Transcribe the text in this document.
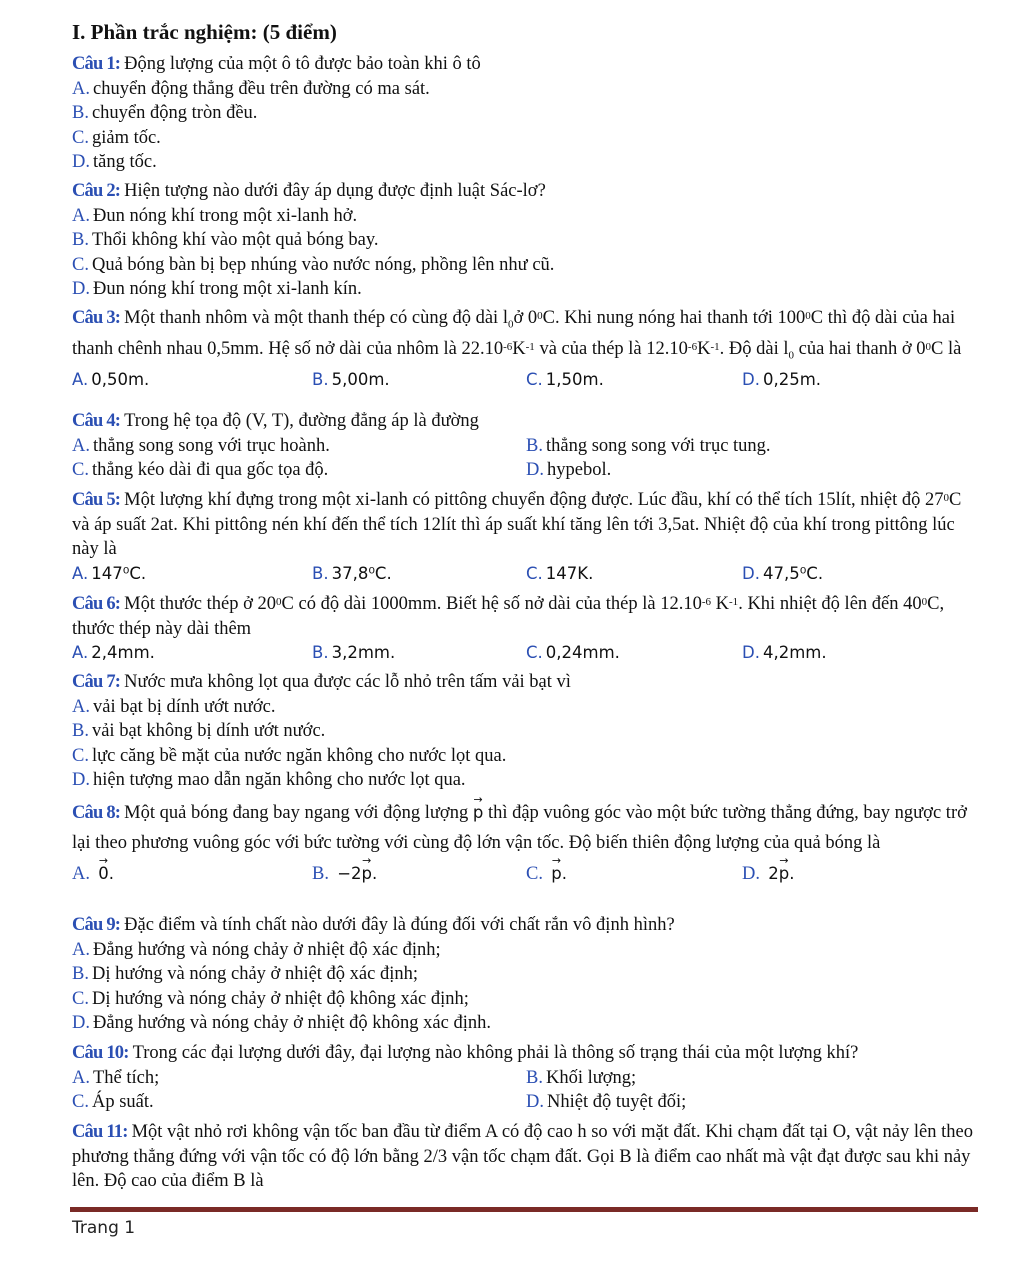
I. Phần trắc nghiệm: (5 điểm)
Câu 1: Động lượng của một ô tô được bảo toàn khi ô tô
A. chuyển động thẳng đều trên đường có ma sát.
B. chuyển động tròn đều.
C. giảm tốc.
D. tăng tốc.
Câu 2: Hiện tượng nào dưới đây áp dụng được định luật Sác-lơ?
A. Đun nóng khí trong một xi-lanh hở.
B. Thổi không khí vào một quả bóng bay.
C. Quả bóng bàn bị bẹp nhúng vào nước nóng, phồng lên như cũ.
D. Đun nóng khí trong một xi-lanh kín.
Câu 3: Một thanh nhôm và một thanh thép có cùng độ dài $l_0ở$ $0^0C$. Khi nung nóng hai thanh tới $100^0C$ thì độ dài của hai thanh chênh nhau 0,5mm. Hệ số nở dài của nhôm là $22.10^{-6}K^{-1}$ và của thép là $12.10^{-6}K^{-1}$. Độ dài $l_0$ của hai thanh ở $0^0C$ là
A. 0,50m.	B. 5,00m.	C. 1,50m.	D. 0,25m.
Câu 4: Trong hệ tọa độ (V, T), đường đẳng áp là đường
A. thẳng song song với trục hoành.	B. thẳng song song với trục tung.
C. thẳng kéo dài đi qua gốc tọa độ.	D. hypebol.
Câu 5: Một lượng khí đựng trong một xi-lanh có pittông chuyển động được. Lúc đầu, khí có thể tích 15lít, nhiệt độ $27^0C$ và áp suất 2at. Khi pittông nén khí đến thể tích 12lít thì áp suất khí tăng lên tới 3,5at. Nhiệt độ của khí trong pittông lúc này là
A. 147⁰C.	B. 37,8⁰C.	C. 147K.	D. 47,5⁰C.
Câu 6: Một thước thép ở $20^0C$ có độ dài 1000mm. Biết hệ số nở dài của thép là $12.10^{-6}$ $K^{-1}$. Khi nhiệt độ lên đến $40^0C$, thước thép này dài thêm
A. 2,4mm.	B. 3,2mm.	C. 0,24mm.	D. 4,2mm.
Câu 7: Nước mưa không lọt qua được các lỗ nhỏ trên tấm vải bạt vì
A. vải bạt bị dính ướt nước.
B. vải bạt không bị dính ướt nước.
C. lực căng bề mặt của nước ngăn không cho nước lọt qua.
D. hiện tượng mao dẫn ngăn không cho nước lọt qua.
Câu 8: Một quả bóng đang bay ngang với động lượng → p thì đập vuông góc vào một bức tường thẳng đứng, bay ngược trở lại theo phương vuông góc với bức tường với cùng độ lớn vận tốc. Độ biến thiên động lượng của quả bóng là
A. → 0.	B. −2→ p.	C. → p.	D. 2→ p.
Câu 9: Đặc điểm và tính chất nào dưới đây là đúng đối với chất rắn vô định hình?
A. Đẳng hướng và nóng chảy ở nhiệt độ xác định;
B. Dị hướng và nóng chảy ở nhiệt độ xác định;
C. Dị hướng và nóng chảy ở nhiệt độ không xác định;
D. Đẳng hướng và nóng chảy ở nhiệt độ không xác định.
Câu 10: Trong các đại lượng dưới đây, đại lượng nào không phải là thông số trạng thái của một lượng khí?
A. Thể tích;	B. Khối lượng;
C. Áp suất.	D. Nhiệt độ tuyệt đối;
Câu 11: Một vật nhỏ rơi không vận tốc ban đầu từ điểm A có độ cao h so với mặt đất. Khi chạm đất tại O, vật nảy lên theo phương thẳng đứng với vận tốc có độ lớn bằng 2/3 vận tốc chạm đất. Gọi B là điểm cao nhất mà vật đạt được sau khi nảy lên. Độ cao của điểm B là
Trang 1
